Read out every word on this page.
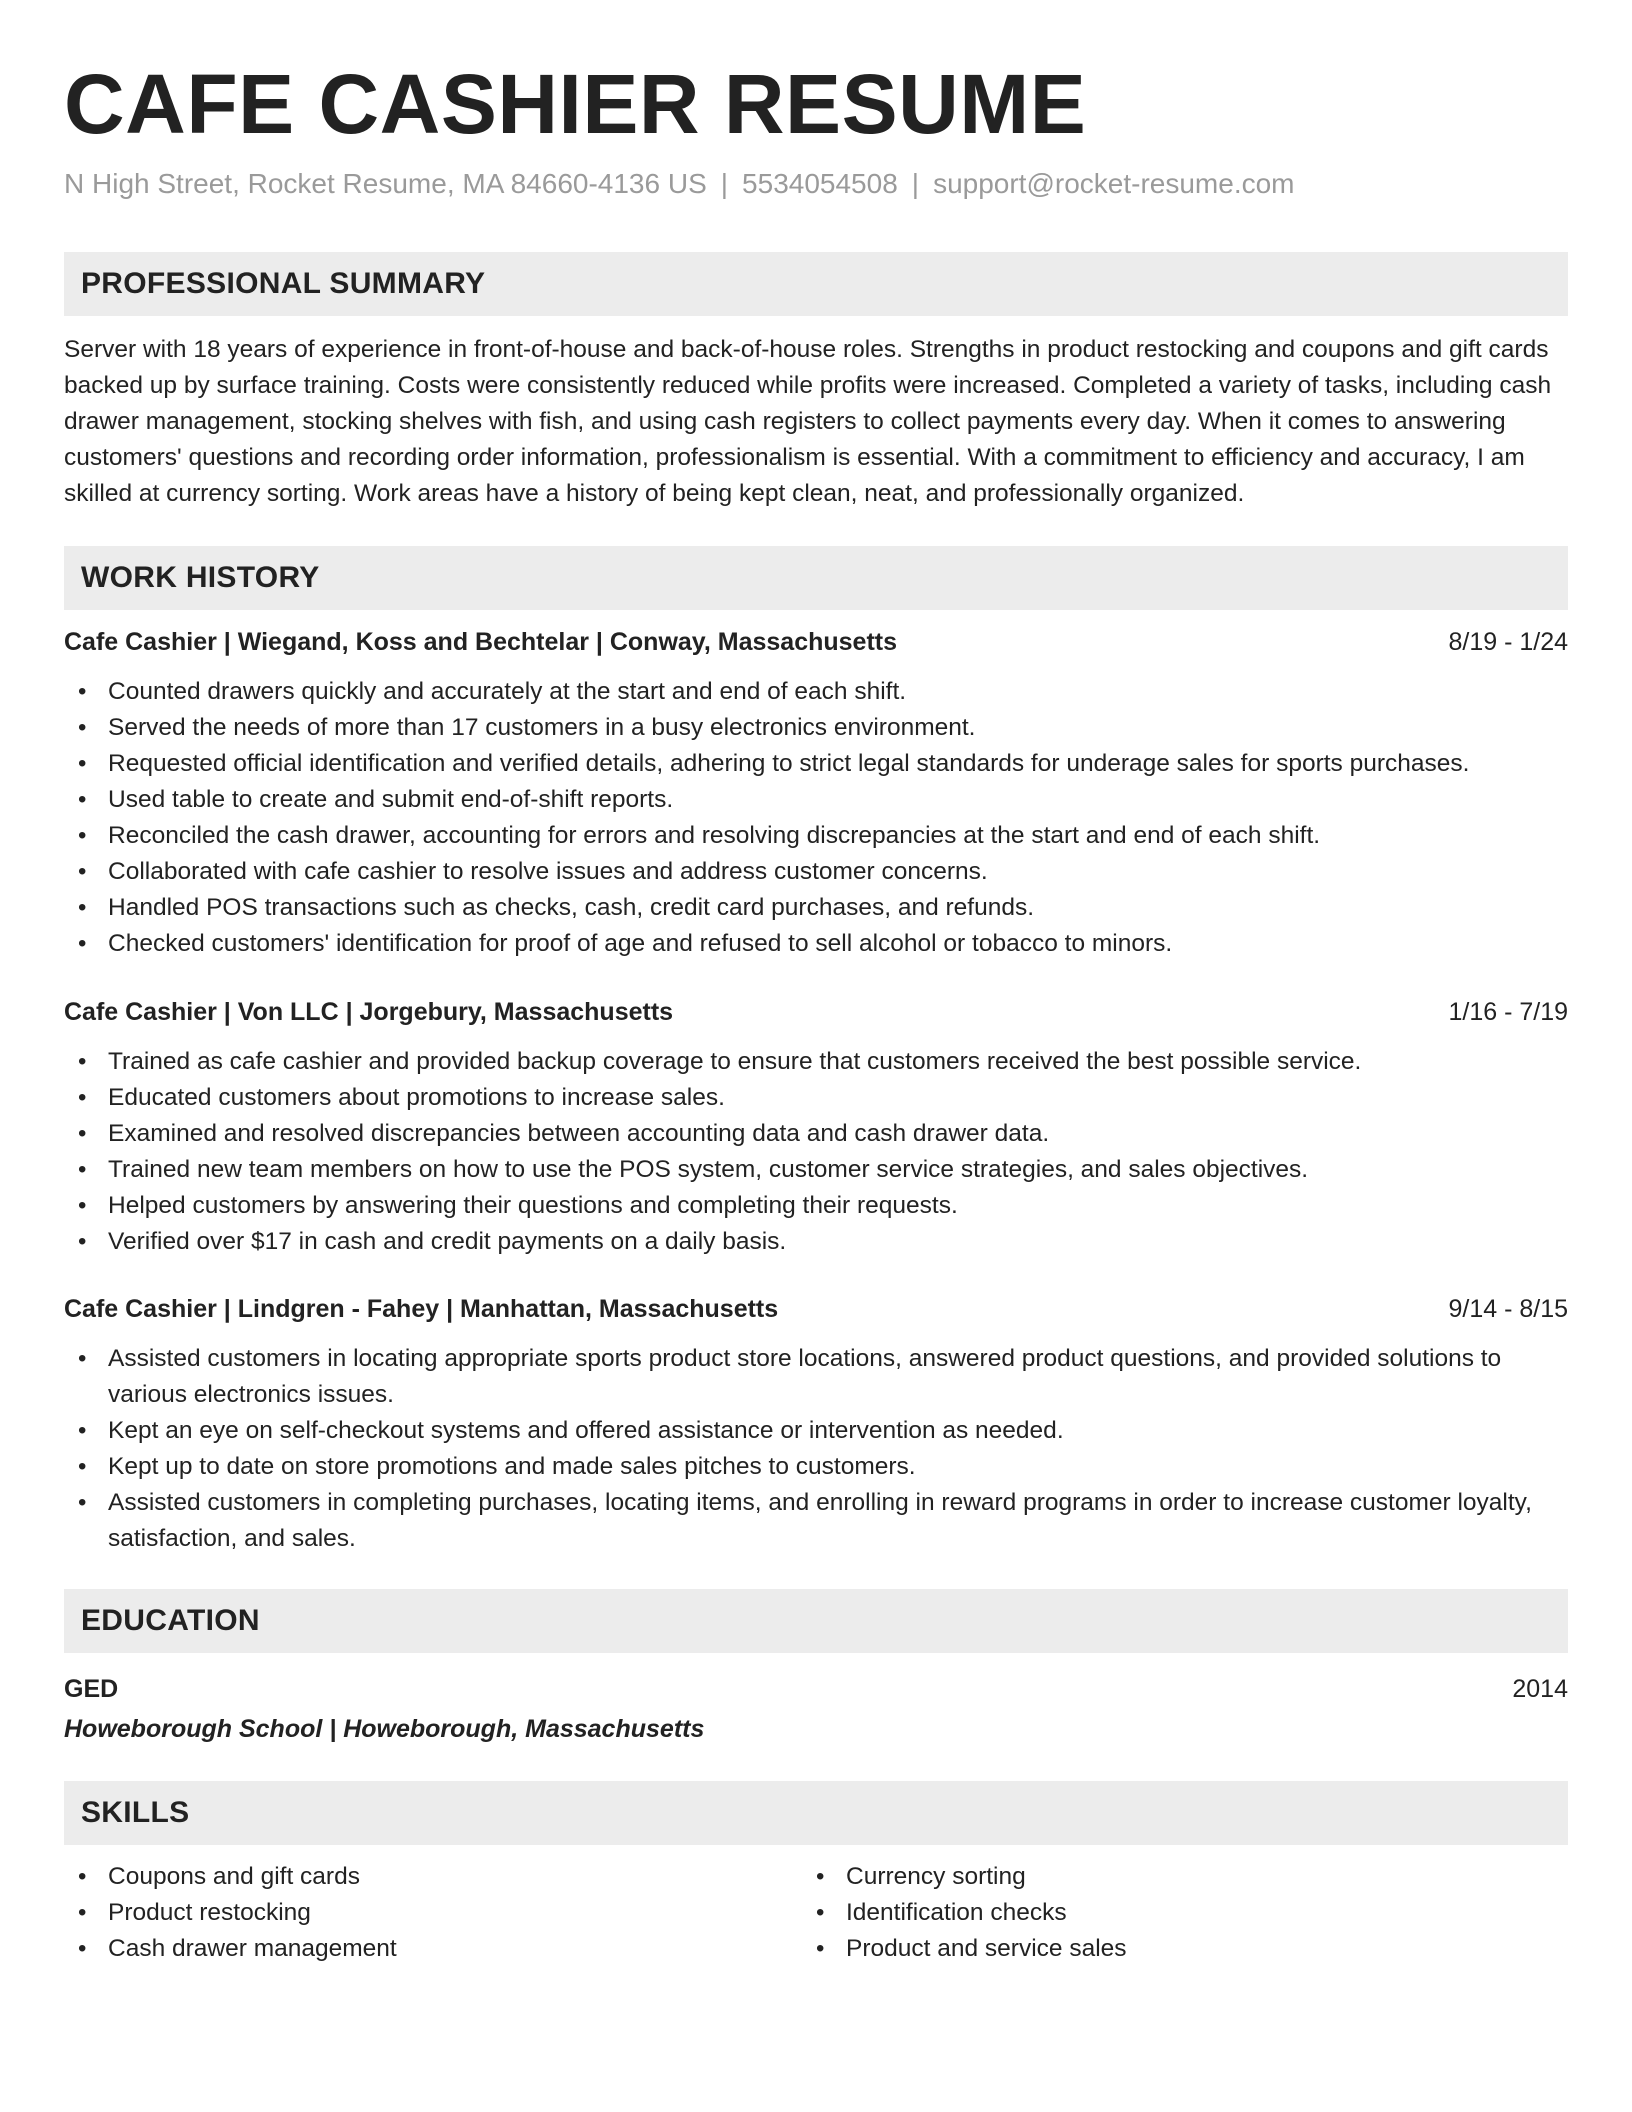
CAFE CASHIER RESUME
N High Street, Rocket Resume, MA 84660-4136 US | 5534054508 | support@rocket-resume.com
PROFESSIONAL SUMMARY
Server with 18 years of experience in front-of-house and back-of-house roles. Strengths in product restocking and coupons and gift cards backed up by surface training. Costs were consistently reduced while profits were increased. Completed a variety of tasks, including cash drawer management, stocking shelves with fish, and using cash registers to collect payments every day. When it comes to answering customers' questions and recording order information, professionalism is essential. With a commitment to efficiency and accuracy, I am skilled at currency sorting. Work areas have a history of being kept clean, neat, and professionally organized.
WORK HISTORY
Cafe Cashier | Wiegand, Koss and Bechtelar | Conway, Massachusetts	8/19 - 1/24
• Counted drawers quickly and accurately at the start and end of each shift.
• Served the needs of more than 17 customers in a busy electronics environment.
• Requested official identification and verified details, adhering to strict legal standards for underage sales for sports purchases.
• Used table to create and submit end-of-shift reports.
• Reconciled the cash drawer, accounting for errors and resolving discrepancies at the start and end of each shift.
• Collaborated with cafe cashier to resolve issues and address customer concerns.
• Handled POS transactions such as checks, cash, credit card purchases, and refunds.
• Checked customers' identification for proof of age and refused to sell alcohol or tobacco to minors.
Cafe Cashier | Von LLC | Jorgebury, Massachusetts	1/16 - 7/19
• Trained as cafe cashier and provided backup coverage to ensure that customers received the best possible service.
• Educated customers about promotions to increase sales.
• Examined and resolved discrepancies between accounting data and cash drawer data.
• Trained new team members on how to use the POS system, customer service strategies, and sales objectives.
• Helped customers by answering their questions and completing their requests.
• Verified over $17 in cash and credit payments on a daily basis.
Cafe Cashier | Lindgren - Fahey | Manhattan, Massachusetts	9/14 - 8/15
• Assisted customers in locating appropriate sports product store locations, answered product questions, and provided solutions to various electronics issues.
• Kept an eye on self-checkout systems and offered assistance or intervention as needed.
• Kept up to date on store promotions and made sales pitches to customers.
• Assisted customers in completing purchases, locating items, and enrolling in reward programs in order to increase customer loyalty, satisfaction, and sales.
EDUCATION
GED	2014
Howeborough School | Howeborough, Massachusetts
SKILLS
• Coupons and gift cards
• Product restocking
• Cash drawer management
• Currency sorting
• Identification checks
• Product and service sales
